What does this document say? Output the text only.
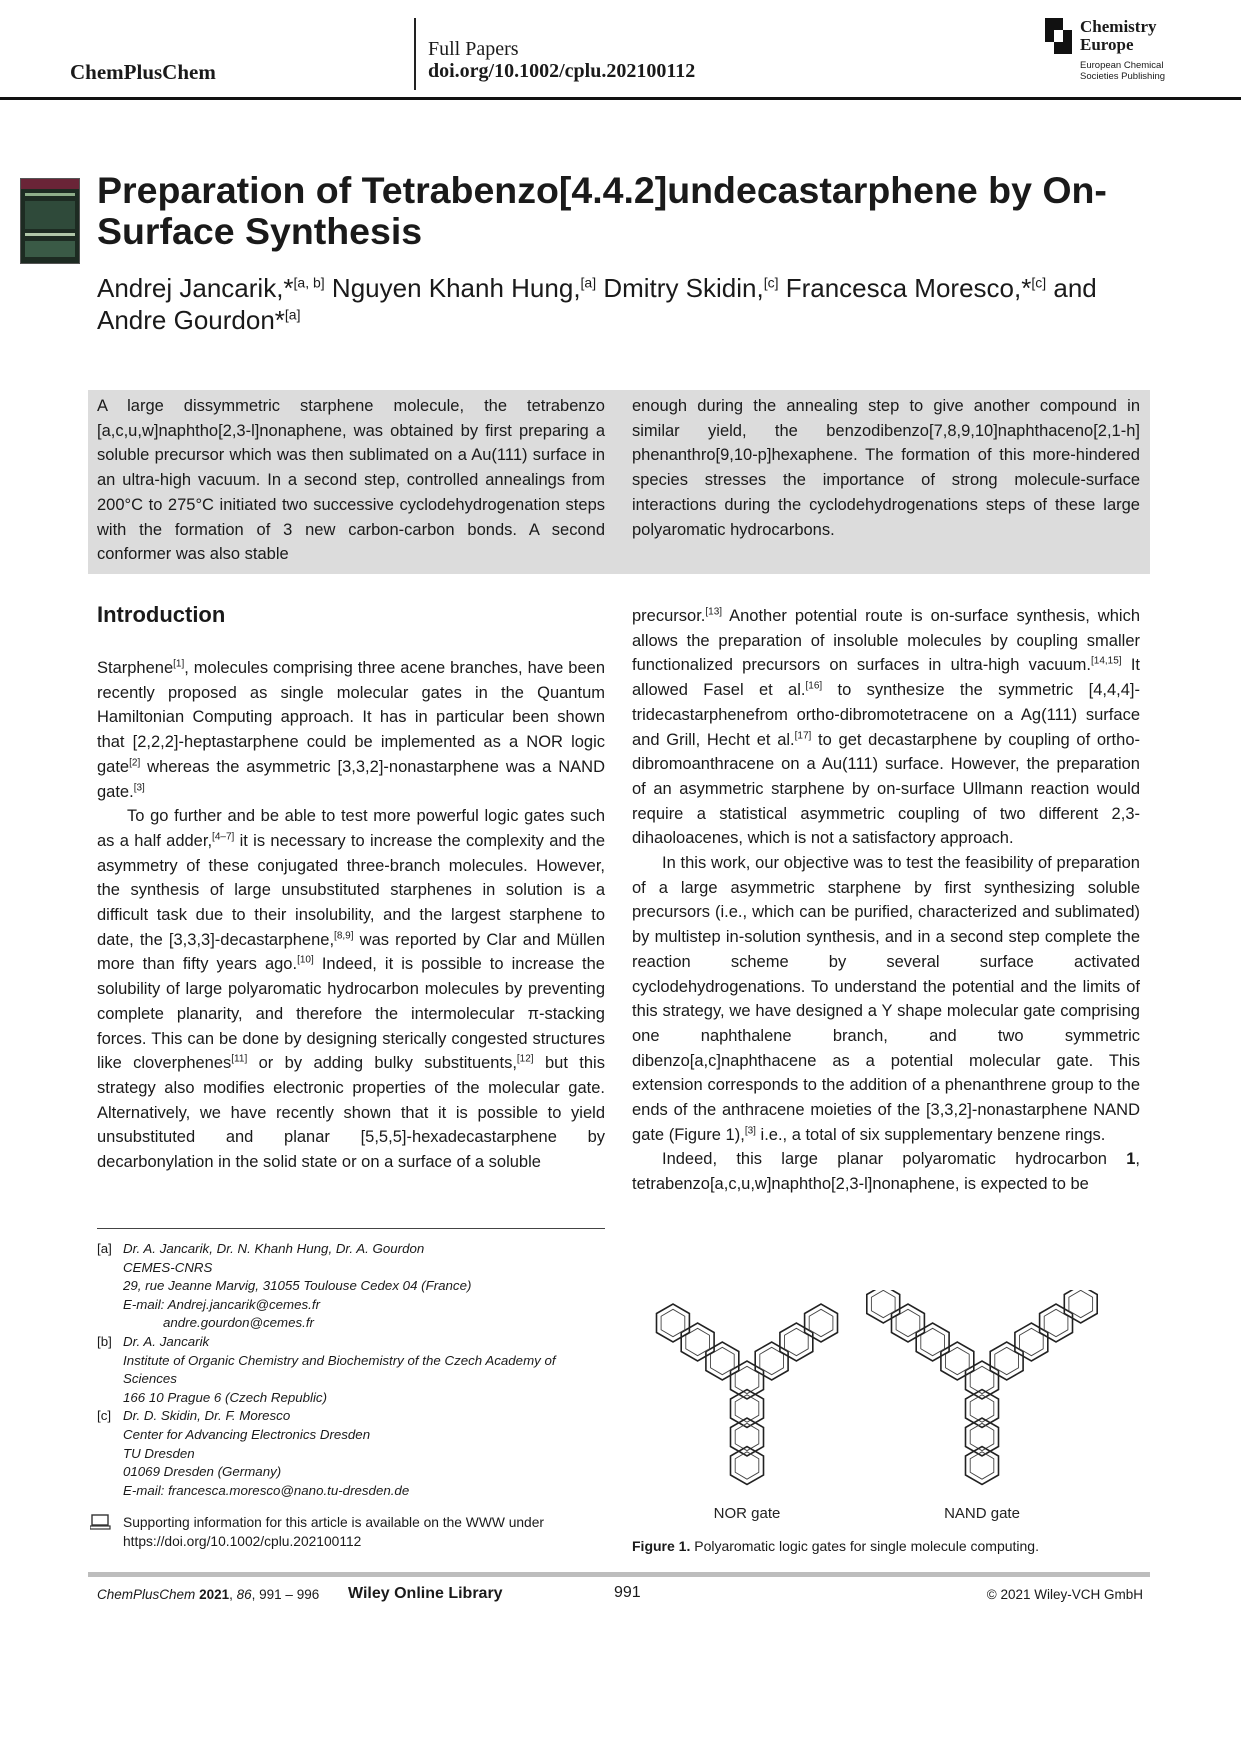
ChemPlusChem
Full Papers
doi.org/10.1002/cplu.202100112
Chemistry
Europe
European Chemical
Societies Publishing
Preparation of Tetrabenzo[4.4.2]undecastarphene by On-Surface Synthesis
Andrej Jancarik,*[a, b] Nguyen Khanh Hung,[a] Dmitry Skidin,[c] Francesca Moresco,*[c] and Andre Gourdon*[a]
A large dissymmetric starphene molecule, the tetrabenzo [a,c,u,w]naphtho[2,3-l]nonaphene, was obtained by first preparing a soluble precursor which was then sublimated on a Au(111) surface in an ultra-high vacuum. In a second step, controlled annealings from 200°C to 275°C initiated two successive cyclodehydrogenation steps with the formation of 3 new carbon-carbon bonds. A second conformer was also stable
enough during the annealing step to give another compound in similar yield, the benzodibenzo[7,8,9,10]naphthaceno[2,1-h] phenanthro[9,10-p]hexaphene. The formation of this more-hindered species stresses the importance of strong molecule-surface interactions during the cyclodehydrogenations steps of these large polyaromatic hydrocarbons.
Introduction
Starphene[1], molecules comprising three acene branches, have been recently proposed as single molecular gates in the Quantum Hamiltonian Computing approach. It has in particular been shown that [2,2,2]-heptastarphene could be implemented as a NOR logic gate[2] whereas the asymmetric [3,3,2]-nonastarphene was a NAND gate.[3]
To go further and be able to test more powerful logic gates such as a half adder,[4–7] it is necessary to increase the complexity and the asymmetry of these conjugated three-branch molecules. However, the synthesis of large unsubstituted starphenes in solution is a difficult task due to their insolubility, and the largest starphene to date, the [3,3,3]-decastarphene,[8,9] was reported by Clar and Müllen more than fifty years ago.[10] Indeed, it is possible to increase the solubility of large polyaromatic hydrocarbon molecules by preventing complete planarity, and therefore the intermolecular π-stacking forces. This can be done by designing sterically congested structures like cloverphenes[11] or by adding bulky substituents,[12] but this strategy also modifies electronic properties of the molecular gate. Alternatively, we have recently shown that it is possible to yield unsubstituted and planar [5,5,5]-hexadecastarphene by decarbonylation in the solid state or on a surface of a soluble
precursor.[13] Another potential route is on-surface synthesis, which allows the preparation of insoluble molecules by coupling smaller functionalized precursors on surfaces in ultra-high vacuum.[14,15] It allowed Fasel et al.[16] to synthesize the symmetric [4,4,4]-tridecastarphenefrom ortho-dibromotetracene on a Ag(111) surface and Grill, Hecht et al.[17] to get decastarphene by coupling of ortho-dibromoanthracene on a Au(111) surface. However, the preparation of an asymmetric starphene by on-surface Ullmann reaction would require a statistical asymmetric coupling of two different 2,3-dihaoloacenes, which is not a satisfactory approach.
In this work, our objective was to test the feasibility of preparation of a large asymmetric starphene by first synthesizing soluble precursors (i.e., which can be purified, characterized and sublimated) by multistep in-solution synthesis, and in a second step complete the reaction scheme by several surface activated cyclodehydrogenations. To understand the potential and the limits of this strategy, we have designed a Y shape molecular gate comprising one naphthalene branch, and two symmetric dibenzo[a,c]naphthacene as a potential molecular gate. This extension corresponds to the addition of a phenanthrene group to the ends of the anthracene moieties of the [3,3,2]-nonastarphene NAND gate (Figure 1),[3] i.e., a total of six supplementary benzene rings.
Indeed, this large planar polyaromatic hydrocarbon 1, tetrabenzo[a,c,u,w]naphtho[2,3-l]nonaphene, is expected to be
[a] Dr. A. Jancarik, Dr. N. Khanh Hung, Dr. A. Gourdon
CEMES-CNRS
29, rue Jeanne Marvig, 31055 Toulouse Cedex 04 (France)
E-mail: Andrej.jancarik@cemes.fr
andre.gourdon@cemes.fr
[b] Dr. A. Jancarik
Institute of Organic Chemistry and Biochemistry of the Czech Academy of Sciences
166 10 Prague 6 (Czech Republic)
[c] Dr. D. Skidin, Dr. F. Moresco
Center for Advancing Electronics Dresden
TU Dresden
01069 Dresden (Germany)
E-mail: francesca.moresco@nano.tu-dresden.de
Supporting information for this article is available on the WWW under https://doi.org/10.1002/cplu.202100112
NOR gate	NAND gate
Figure 1. Polyaromatic logic gates for single molecule computing.
ChemPlusChem 2021, 86, 991 – 996 Wiley Online Library	991	© 2021 Wiley-VCH GmbH
